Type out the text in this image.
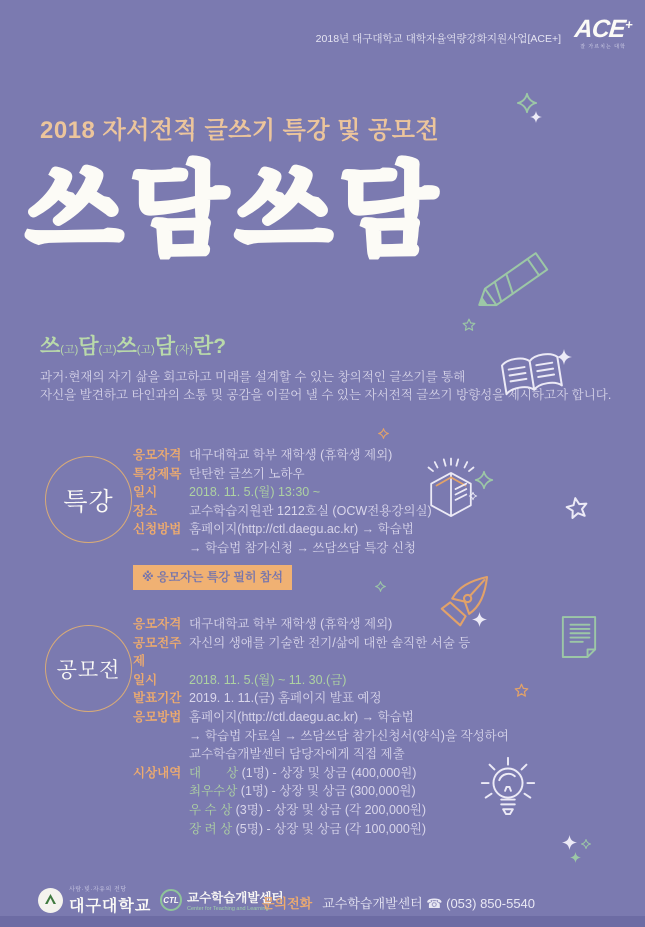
2018년 대구대학교 대학자율역량강화지원사업[ACE+] ACE+
잘 가르치는 대학
2018 자서전적 글쓰기 특강 및 공모전
쓰담쓰담
쓰(고)담(고)쓰(고)담(자)란?
과거·현재의 자기 삶을 회고하고 미래를 설계할 수 있는 창의적인 글쓰기를 통해
자신을 발견하고 타인과의 소통 및 공감을 이끌어 낼 수 있는 자서전적 글쓰기 방향성을 제시하고자 합니다.
특강
응모자격 대구대학교 학부 재학생 (휴학생 제외)
특강제목 탄탄한 글쓰기 노하우
일시	2018. 11. 5.(월) 13:30 ~
장소	교수학습지원관 1212호실 (OCW전용강의실)
신청방법 홈페이지(http://ctl.daegu.ac.kr) → 학습법
→ 학습법 참가신청 → 쓰담쓰담 특강 신청
※ 응모자는 특강 필히 참석
공모전
응모자격 대구대학교 학부 재학생 (휴학생 제외)
공모전주제
자신의 생애를 기술한 전기/삶에 대한 솔직한 서술 등
일시	2018. 11. 5.(월) ~ 11. 30.(금)
발표기간 2019. 1. 11.(금) 홈페이지 발표 예정
응모방법 홈페이지(http://ctl.daegu.ac.kr) → 학습법
→ 학습법 자료실 → 쓰담쓰담 참가신청서(양식)을 작성하여
교수학습개발센터 담당자에게 직접 제출
시상내역 대　　상 (1명) - 상장 및 상금 (400,000원)
최우수상 (1명) - 상장 및 상금 (300,000원)
우 수 상 (3명) - 상장 및 상금 (각 200,000원)
장 려 상 (5명) - 상장 및 상금 (각 100,000원)
사람·빛·자유의 전당
대구대학교 CTL 교수학습개발센터
Center for Teaching and Learning
문의전화 교수학습개발센터 ☎ (053) 850-5540
